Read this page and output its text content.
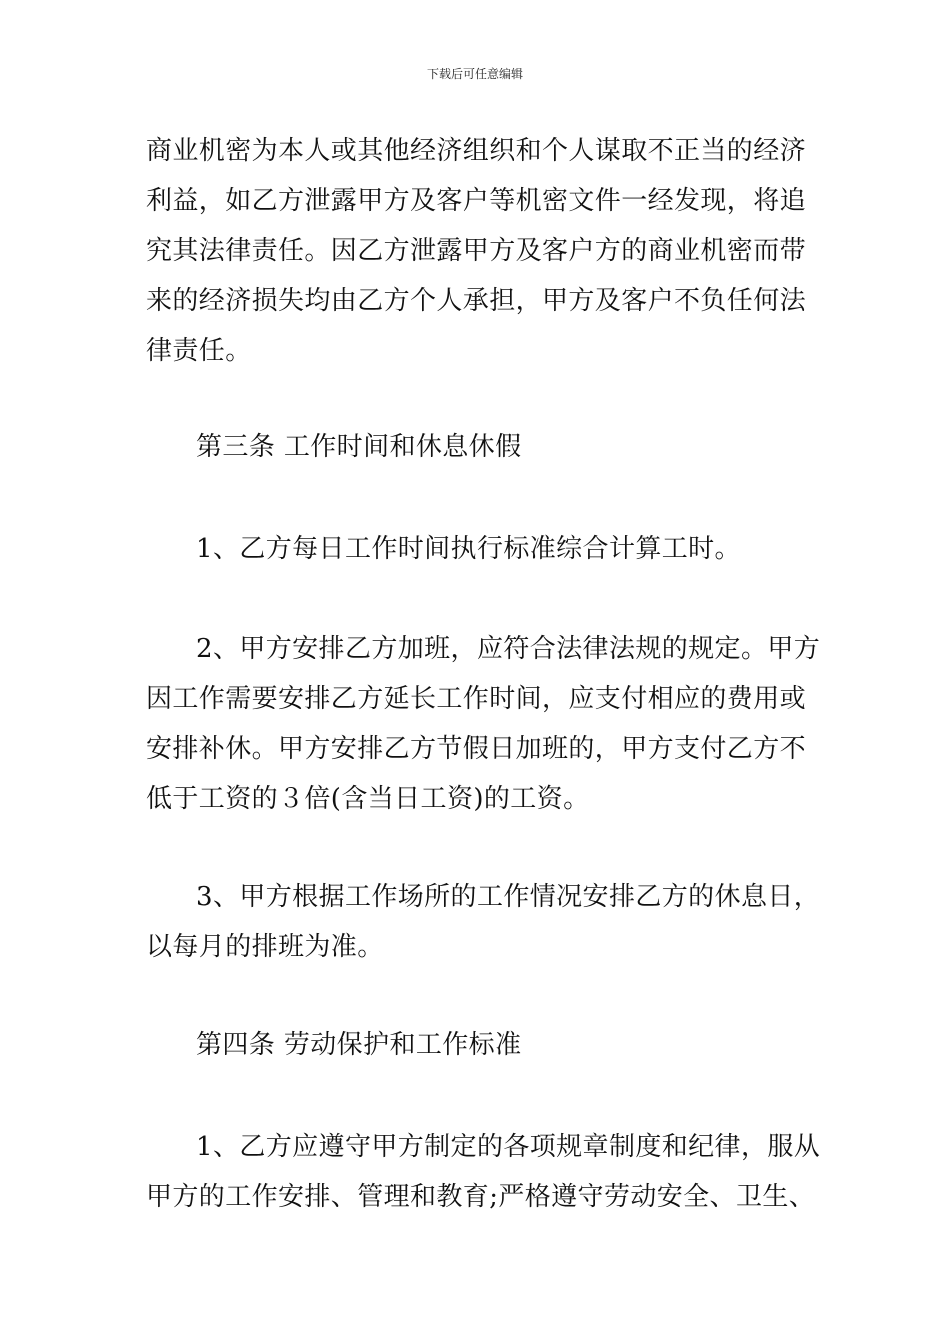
下载后可任意编辑
商业机密为本人或其他经济组织和个人谋取不正当的经济
利益，如乙方泄露甲方及客户等机密文件一经发现，将追
究其法律责任。因乙方泄露甲方及客户方的商业机密而带
来的经济损失均由乙方个人承担，甲方及客户不负任何法
律责任。
第三条 工作时间和休息休假
1、乙方每日工作时间执行标准综合计算工时。
2、甲方安排乙方加班，应符合法律法规的规定。甲方
因工作需要安排乙方延长工作时间，应支付相应的费用或
安排补休。甲方安排乙方节假日加班的，甲方支付乙方不
低于工资的３倍(含当日工资)的工资。
3、甲方根据工作场所的工作情况安排乙方的休息日，
以每月的排班为准。
第四条 劳动保护和工作标准
1、乙方应遵守甲方制定的各项规章制度和纪律，服从
甲方的工作安排、管理和教育;严格遵守劳动安全、卫生、
